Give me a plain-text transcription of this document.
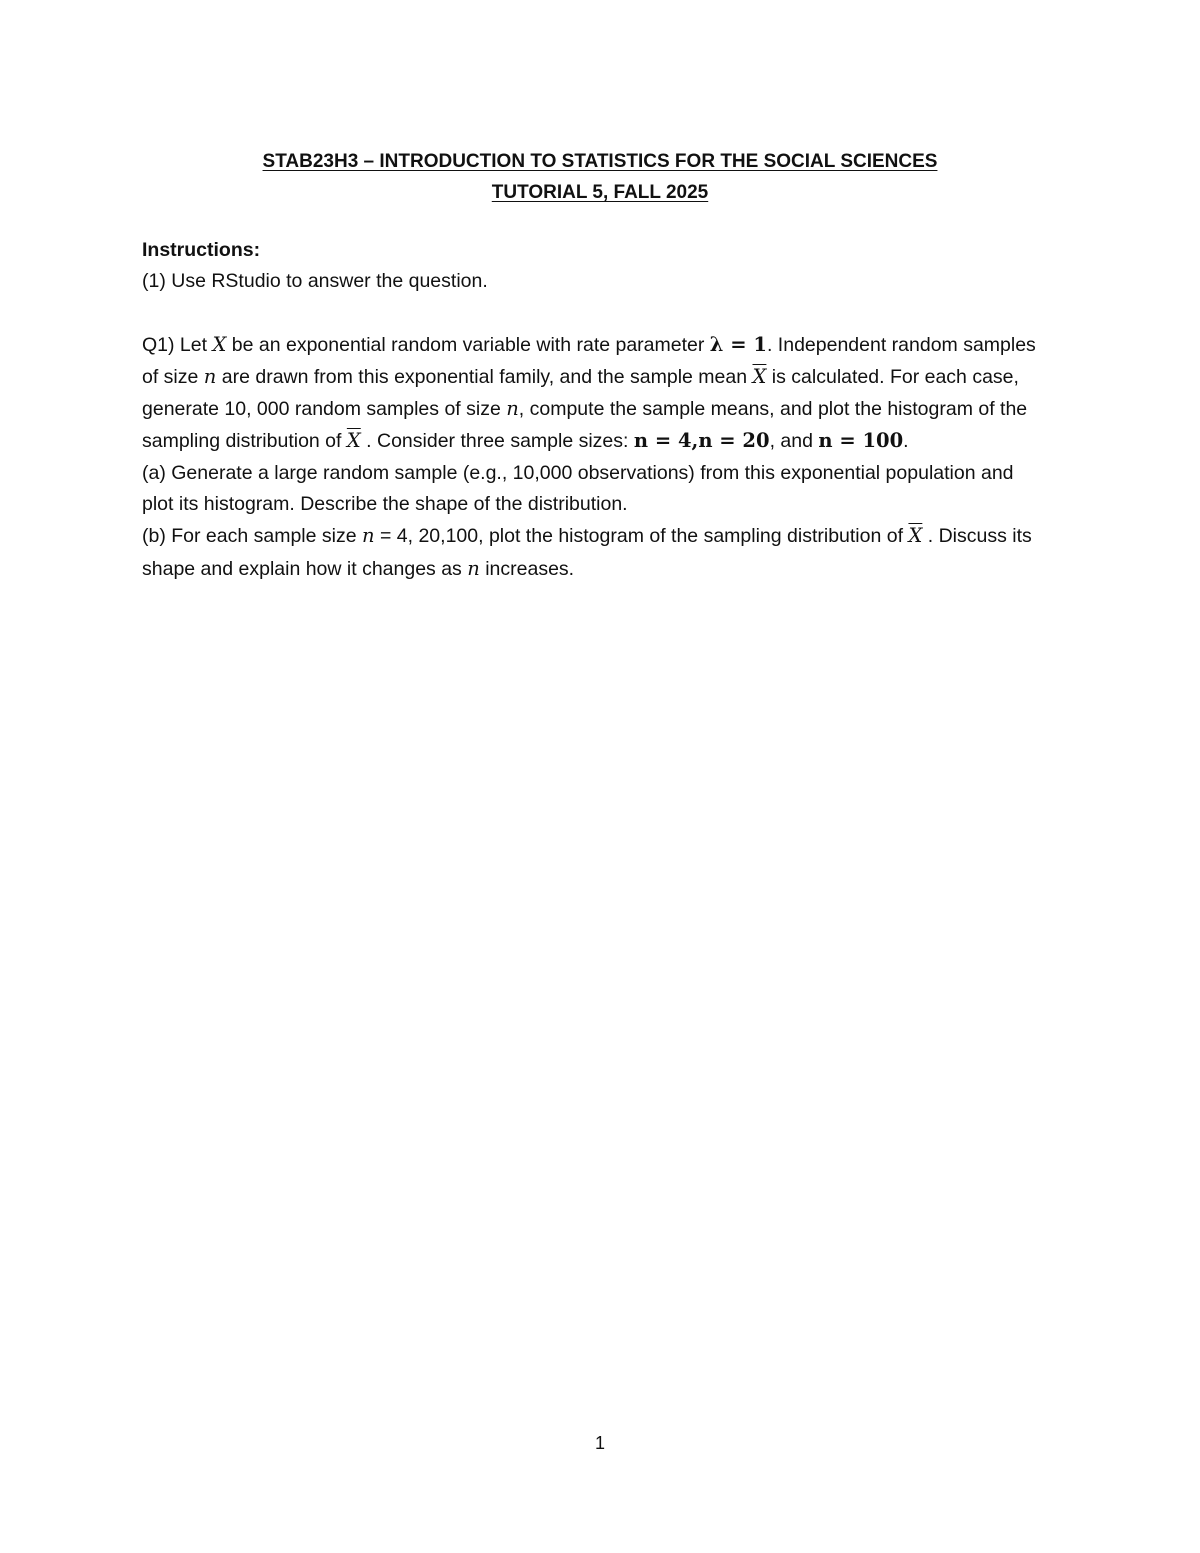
STAB23H3 – INTRODUCTION TO STATISTICS FOR THE SOCIAL SCIENCES
TUTORIAL 5, FALL 2025

Instructions:

(1) Use RStudio to answer the question.

Q1) Let X be an exponential random variable with rate parameter λ = 1. Independent random samples of size n are drawn from this exponential family, and the sample mean $\overline{X}$ is calculated. For each case, generate 10, 000 random samples of size n, compute the sample means, and plot the histogram of the sampling distribution of $\overline{X}$ . Consider three sample sizes: n = 4,n = 20, and n = 100.

(a) Generate a large random sample (e.g., 10,000 observations) from this exponential population and plot its histogram. Describe the shape of the distribution.

(b) For each sample size n = 4, 20,100, plot the histogram of the sampling distribution of $\overline{X}$ . Discuss its shape and explain how it changes as n increases.

1
